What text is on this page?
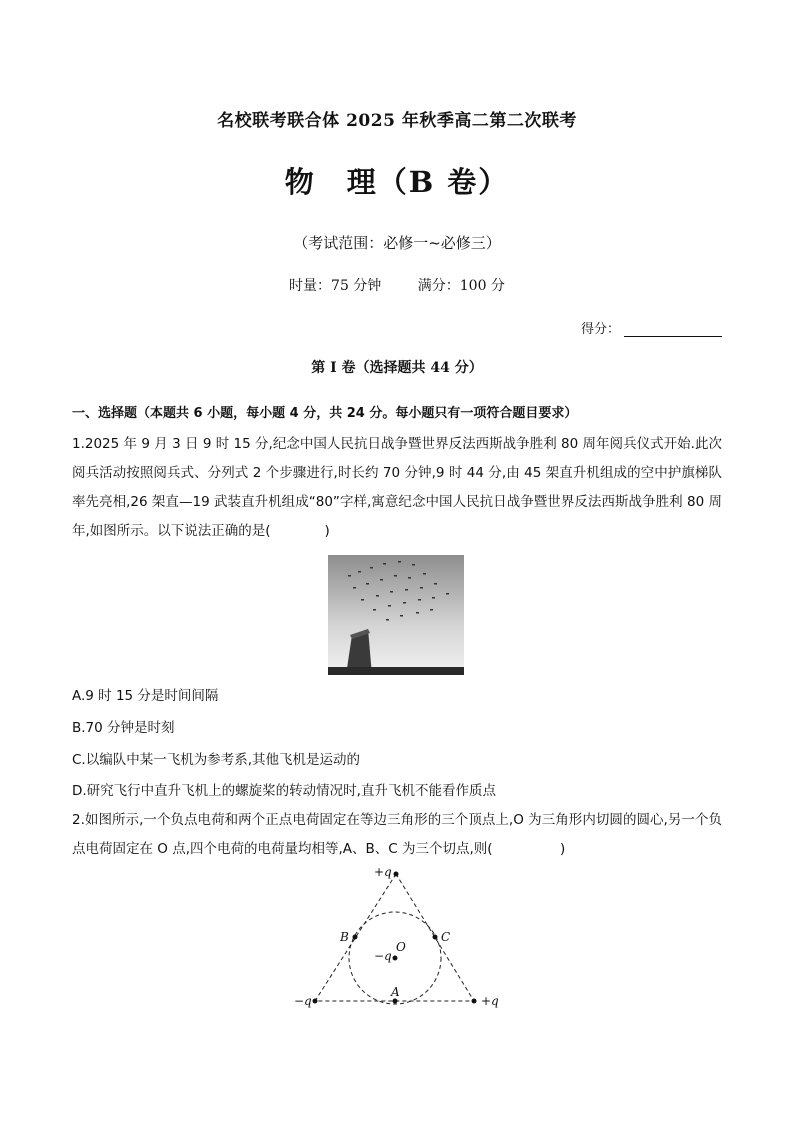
名校联考联合体 2025 年秋季高二第二次联考
物　理（B 卷）
（考试范围：必修一~必修三）
时量：75 分钟	满分：100 分
得分：
第 I 卷（选择题共 44 分）
一、选择题（本题共 6 小题，每小题 4 分，共 24 分。每小题只有一项符合题目要求）
1.2025 年 9 月 3 日 9 时 15 分,纪念中国人民抗日战争暨世界反法西斯战争胜利 80 周年阅兵仪式开始.此次阅兵活动按照阅兵式、分列式 2 个步骤进行,时长约 70 分钟,9 时 44 分,由 45 架直升机组成的空中护旗梯队率先亮相,26 架直—19 武装直升机组成“80”字样,寓意纪念中国人民抗日战争暨世界反法西斯战争胜利 80 周年,如图所示。以下说法正确的是(　　　　)
A.9 时 15 分是时间间隔
B.70 分钟是时刻
C.以编队中某一飞机为参考系,其他飞机是运动的
D.研究飞行中直升飞机上的螺旋桨的转动情况时,直升飞机不能看作质点
2.如图所示,一个负点电荷和两个正点电荷固定在等边三角形的三个顶点上,O 为三角形内切圆的圆心,另一个负点电荷固定在 O 点,四个电荷的电荷量均相等,A、B、C 为三个切点,则(　　　　　)
+q
−q	+q
−q
O
A
B	C
